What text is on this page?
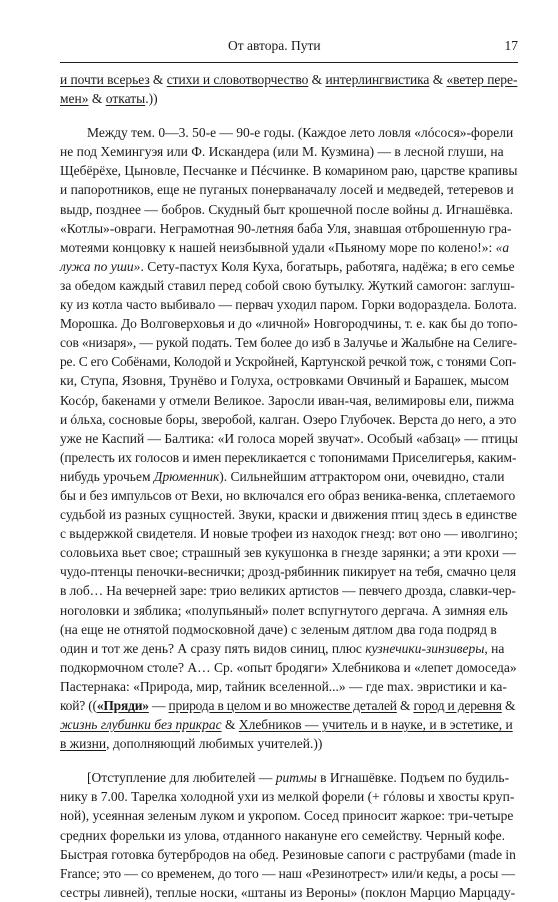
От автора. Пути	17
и почти всерьез & стихи и словотворчество & интерлингвистика & «ветер пере-
мен» & откаты.))
Между тем. 0—3. 50-е — 90-е годы. (Каждое лето ловля «лóсося»-форели
не под Хемингуэя или Ф. Искандера (или М. Кузмина) — в лесной глуши, на
Щебёрёхе, Цыновле, Песчанке и Пéсчинке. В комарином раю, царстве крапивы
и папоротников, еще не пуганых понерваначалу лосей и медведей, тетеревов и
выдр, позднее — бобров. Скудный быт крошечной после войны д. Игнашёвка.
«Котлы»-овраги. Неграмотная 90-летняя баба Уля, знавшая отброшенную гра-
мотеями концовку к нашей неизбывной удали «Пьяному море по колено!»: «а
лужа по уши». Сету-пастух Коля Куха, богатырь, работяга, надёжа; в его семье
за обедом каждый ставил перед собой свою бутылку. Жуткий самогон: заглуш-
ку из котла часто выбивало — первач уходил паром. Горки водораздела. Болота.
Морошка. До Волговерховья и до «личной» Новгородчины, т. е. как бы до топо-
сов «низаря», — рукой подать. Тем более до изб в Залучье и Жалыбне на Селиге-
ре. С его Собёнами, Колодой и Ускройней, Картунской речкой тож, с тонями Соп-
ки, Ступа, Язовня, Трунёво и Голуха, островками Овчиный и Барашек, мысом
Косóр, бакенами у отмели Великое. Заросли иван-чая, велимировы ели, пижма
и óльха, сосновые боры, зверобой, калган. Озеро Глубочек. Верста до него, а это
уже не Каспий — Балтика: «И голоса морей звучат». Особый «абзац» — птицы
(прелесть их голосов и имен перекликается с топонимами Приселигерья, каким-
нибудь урочьем Дрюменник). Сильнейшим аттрактором они, очевидно, стали
бы и без импульсов от Вехи, но включался его образ веника-венка, сплетаемого
судьбой из разных сущностей. Звуки, краски и движения птиц здесь в единстве
с выдержкой свидетеля. И новые трофеи из находок гнезд: вот оно — иволгино;
соловьиха вьет свое; страшный зев кукушонка в гнезде зарянки; а эти крохи —
чудо-птенцы пеночки-веснички; дрозд-рябинник пикирует на тебя, смачно целя
в лоб… На вечерней заре: трио великих артистов — певчего дрозда, славки-чер-
ноголовки и зяблика; «полупьяный» полет вспугнутого дергача. А зимняя ель
(на еще не отнятой подмосковной даче) с зеленым дятлом два года подряд в
один и тот же день? А сразу пять видов синиц, плюс кузнечики-зинзиверы, на
подкормочном столе? А… Ср. «опыт бродяги» Хлебникова и «лепет домоседа»
Пастернака: «Природа, мир, тайник вселенной...» — где max. эвристики и ка-
кой? ((«Пряди» — природа в целом и во множестве деталей & город и деревня &
жизнь глубинки без прикрас & Хлебников — учитель и в науке, и в эстетике, и
в жизни, дополняющий любимых учителей.))
[Отступление для любителей — ритмы в Игнашёвке. Подъем по будиль-
нику в 7.00. Тарелка холодной ухи из мелкой форели (+ гóловы и хвосты круп-
ной), усеянная зеленым луком и укропом. Сосед приносит жаркое: три-четыре
средних форельки из улова, отданного накануне его семейству. Черный кофе.
Быстрая готовка бутербродов на обед. Резиновые сапоги с раструбами (made in
France; это — со временем, до того — наш «Резинотрест» или/и кеды, а росы —
сестры ливней), теплые носки, «штаны из Вероны» (поклон Марцио Марцаду-
